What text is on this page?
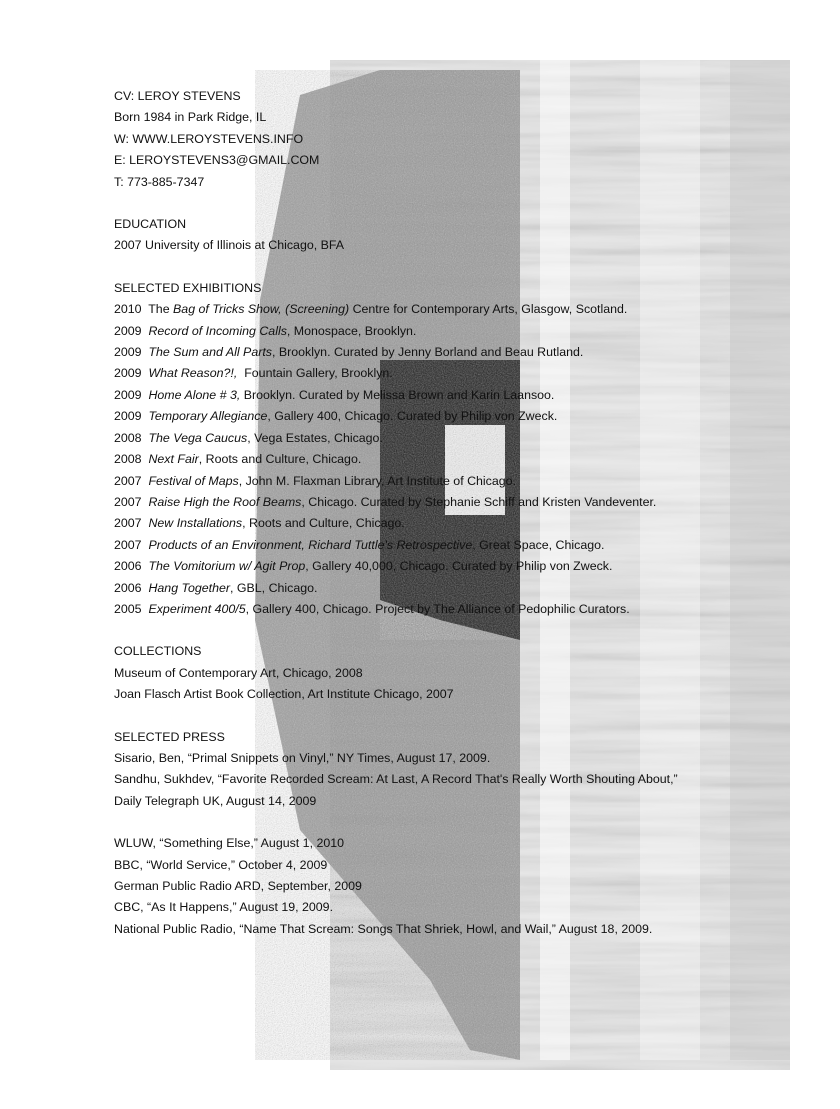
CV: LEROY STEVENS
Born 1984 in Park Ridge, IL
W: WWW.LEROYSTEVENS.INFO
E: LEROYSTEVENS3@GMAIL.COM
T: 773-885-7347
EDUCATION
2007 University of Illinois at Chicago, BFA
SELECTED EXHIBITIONS
2010  The Bag of Tricks Show, (Screening) Centre for Contemporary Arts, Glasgow, Scotland.
2009 Record of Incoming Calls, Monospace, Brooklyn.
2009 The Sum and All Parts, Brooklyn. Curated by Jenny Borland and Beau Rutland.
2009 What Reason?!,  Fountain Gallery, Brooklyn.
2009 Home Alone # 3, Brooklyn. Curated by Melissa Brown and Karin Laansoo.
2009 Temporary Allegiance, Gallery 400, Chicago. Curated by Philip von Zweck.
2008 The Vega Caucus, Vega Estates, Chicago.
2008 Next Fair, Roots and Culture, Chicago.
2007 Festival of Maps, John M. Flaxman Library, Art Institute of Chicago.
2007 Raise High the Roof Beams, Chicago. Curated by Stephanie Schiff and Kristen Vandeventer.
2007 New Installations, Roots and Culture, Chicago.
2007 Products of an Environment, Richard Tuttle's Retrospective, Great Space, Chicago.
2006 The Vomitorium w/ Agit Prop, Gallery 40,000, Chicago. Curated by Philip von Zweck.
2006 Hang Together, GBL, Chicago.
2005 Experiment 400/5, Gallery 400, Chicago. Project by The Alliance of Pedophilic Curators.
COLLECTIONS
Museum of Contemporary Art, Chicago, 2008
Joan Flasch Artist Book Collection, Art Institute Chicago, 2007
SELECTED PRESS
Sisario, Ben, “Primal Snippets on Vinyl,” NY Times, August 17, 2009.
Sandhu, Sukhdev, “Favorite Recorded Scream: At Last, A Record That's Really Worth Shouting About,”
Daily Telegraph UK, August 14, 2009
WLUW, “Something Else,” August 1, 2010
BBC, “World Service,” October 4, 2009
German Public Radio ARD, September, 2009
CBC, “As It Happens,” August 19, 2009.
National Public Radio, “Name That Scream: Songs That Shriek, Howl, and Wail,” August 18, 2009.
